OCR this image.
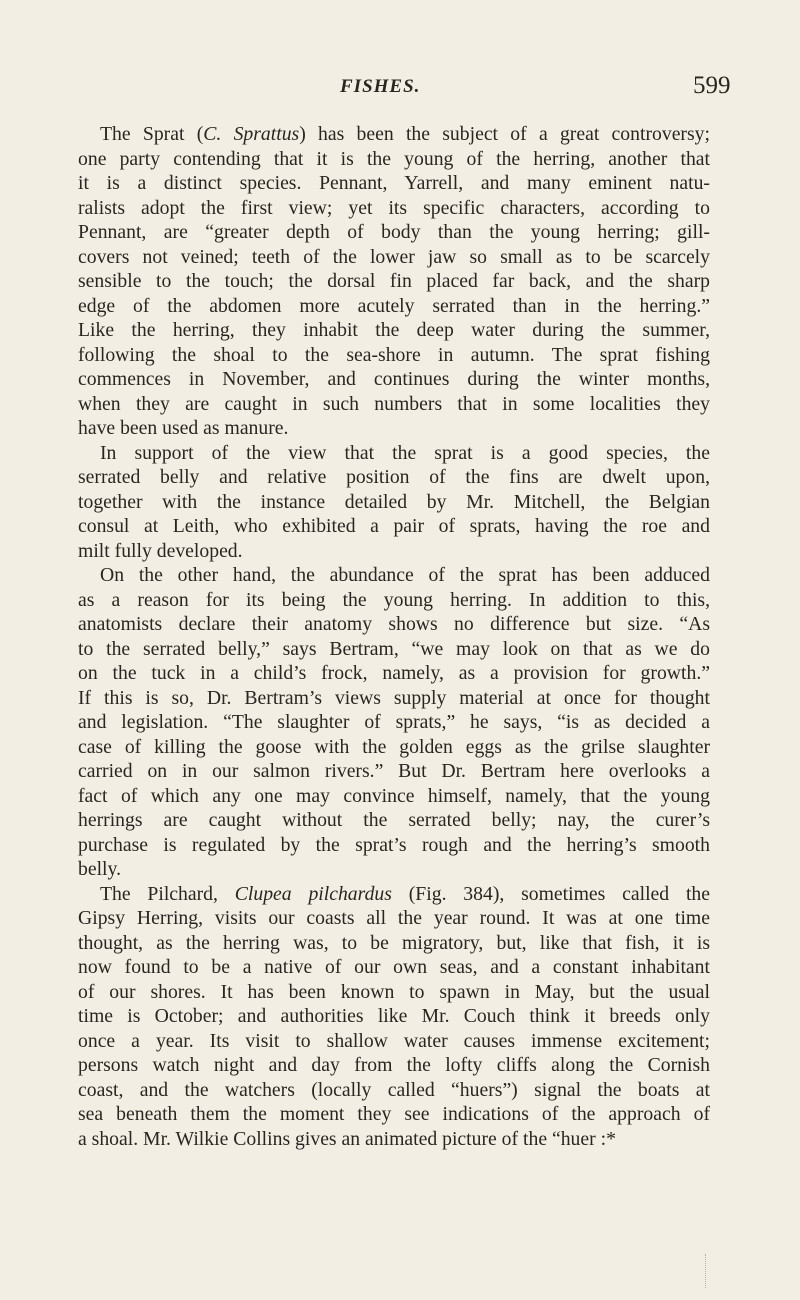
FISHES.	599

The Sprat (C. Sprattus) has been the subject of a great controversy;
one party contending that it is the young of the herring, another that
it is a distinct species. Pennant, Yarrell, and many eminent natu-
ralists adopt the first view; yet its specific characters, according to
Pennant, are “greater depth of body than the young herring; gill-
covers not veined; teeth of the lower jaw so small as to be scarcely
sensible to the touch; the dorsal fin placed far back, and the sharp
edge of the abdomen more acutely serrated than in the herring.”
Like the herring, they inhabit the deep water during the summer,
following the shoal to the sea-shore in autumn. The sprat fishing
commences in November, and continues during the winter months,
when they are caught in such numbers that in some localities they
have been used as manure.

In support of the view that the sprat is a good species, the
serrated belly and relative position of the fins are dwelt upon,
together with the instance detailed by Mr. Mitchell, the Belgian
consul at Leith, who exhibited a pair of sprats, having the roe and
milt fully developed.

On the other hand, the abundance of the sprat has been adduced
as a reason for its being the young herring. In addition to this,
anatomists declare their anatomy shows no difference but size. “As
to the serrated belly,” says Bertram, “we may look on that as we do
on the tuck in a child’s frock, namely, as a provision for growth.”
If this is so, Dr. Bertram’s views supply material at once for thought
and legislation. “The slaughter of sprats,” he says, “is as decided a
case of killing the goose with the golden eggs as the grilse slaughter
carried on in our salmon rivers.” But Dr. Bertram here overlooks a
fact of which any one may convince himself, namely, that the young
herrings are caught without the serrated belly; nay, the curer’s
purchase is regulated by the sprat’s rough and the herring’s smooth
belly.

The Pilchard, Clupea pilchardus (Fig. 384), sometimes called the
Gipsy Herring, visits our coasts all the year round. It was at one time
thought, as the herring was, to be migratory, but, like that fish, it is
now found to be a native of our own seas, and a constant inhabitant
of our shores. It has been known to spawn in May, but the usual
time is October; and authorities like Mr. Couch think it breeds only
once a year. Its visit to shallow water causes immense excitement;
persons watch night and day from the lofty cliffs along the Cornish
coast, and the watchers (locally called “huers”) signal the boats at
sea beneath them the moment they see indications of the approach of
a shoal. Mr. Wilkie Collins gives an animated picture of the “huer :*
